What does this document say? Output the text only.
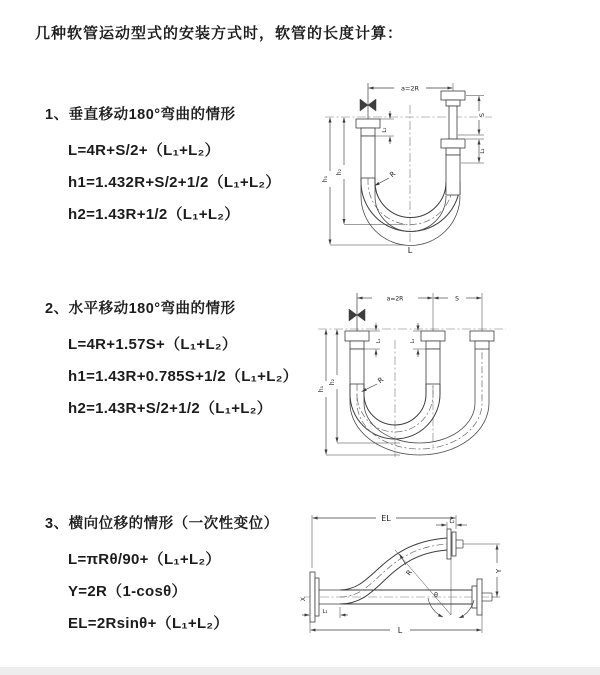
几种软管运动型式的安装方式时，软管的长度计算：
1、垂直移动180°弯曲的情形
L=4R+S/2+（L₁+L₂）
h1=1.432R+S/2+1/2（L₁+L₂）
h2=1.43R+1/2（L₁+L₂）
a=2R
L₁
S
L₂
h₁
h₂	R
L
2、水平移动180°弯曲的情形
L=4R+1.57S+（L₁+L₂）
h1=1.43R+0.785S+1/2（L₁+L₂）
h2=1.43R+S/2+1/2（L₁+L₂）
a=2R	S
L₁	L₂
h₁
h₂	R
3、横向位移的情形（一次性变位）
L=πRθ/90+（L₁+L₂）
Y=2R（1-cosθ）
EL=2Rsinθ+（L₁+L₂）
X
EL	L₂
Y
R
θ
L
L₁
